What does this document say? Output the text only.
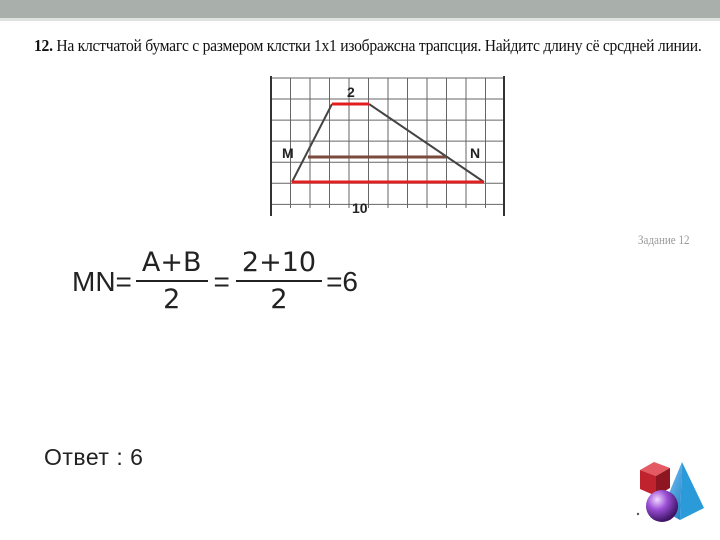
12. На клстчатой бумагс с размером клстки 1x1 изображсна трапсция. Найдитс длину сё срсдней линии.
2
M	N
10
Задание 12
$MN= \frac{A+B}{2} = \frac{2+10}{2} =6$
Ответ : 6
